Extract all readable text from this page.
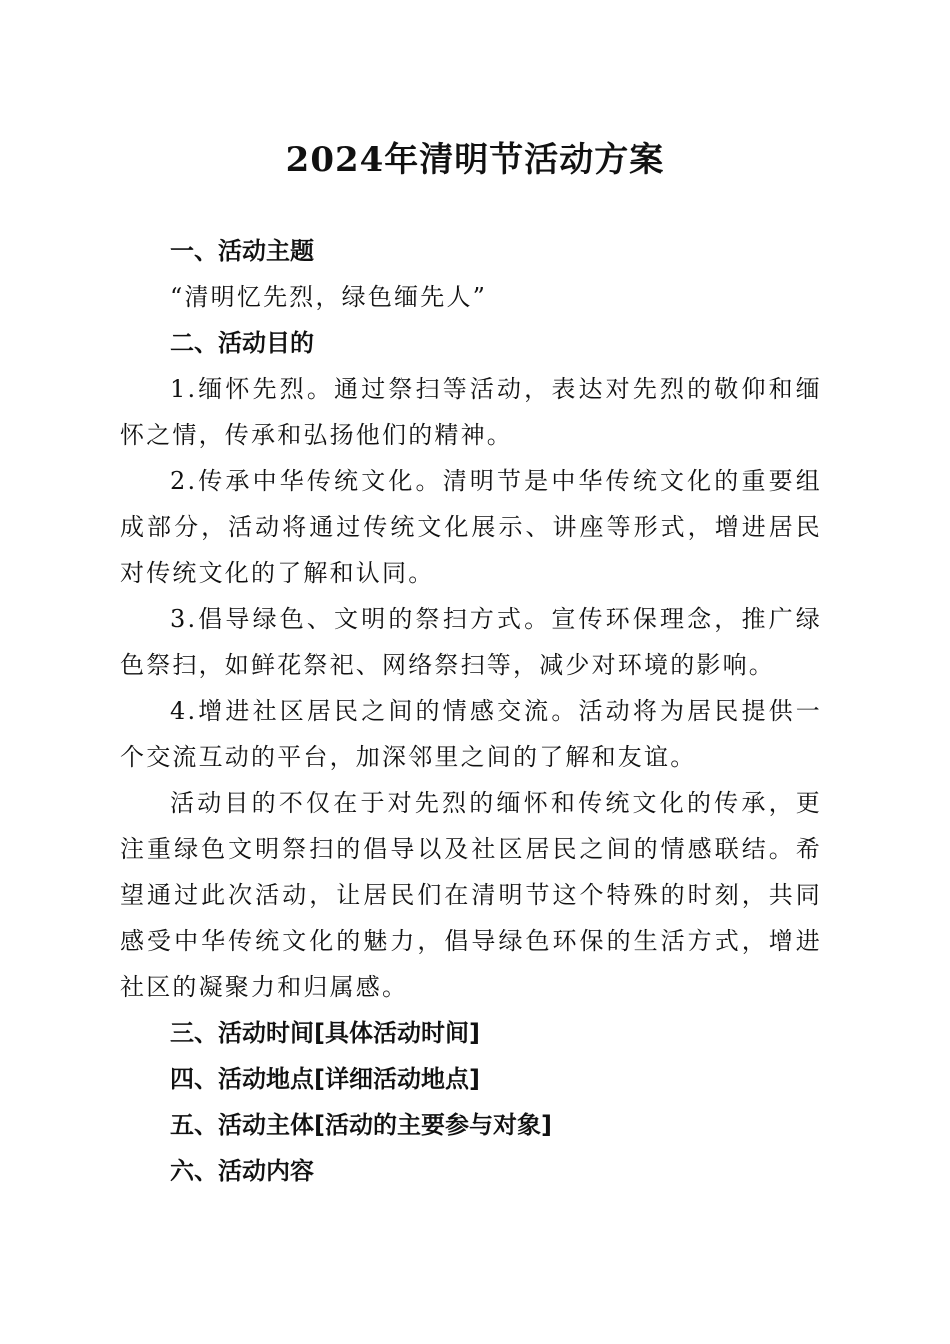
2024年清明节活动方案
一、活动主题

“清明忆先烈，绿色缅先人”

二、活动目的

1.缅怀先烈。通过祭扫等活动，表达对先烈的敬仰和缅怀之情，传承和弘扬他们的精神。

2.传承中华传统文化。清明节是中华传统文化的重要组成部分，活动将通过传统文化展示、讲座等形式，增进居民对传统文化的了解和认同。

3.倡导绿色、文明的祭扫方式。宣传环保理念，推广绿色祭扫，如鲜花祭祀、网络祭扫等，减少对环境的影响。

4.增进社区居民之间的情感交流。活动将为居民提供一个交流互动的平台，加深邻里之间的了解和友谊。

活动目的不仅在于对先烈的缅怀和传统文化的传承，更注重绿色文明祭扫的倡导以及社区居民之间的情感联结。希望通过此次活动，让居民们在清明节这个特殊的时刻，共同感受中华传统文化的魅力，倡导绿色环保的生活方式，增进社区的凝聚力和归属感。

三、活动时间[具体活动时间]
四、活动地点[详细活动地点]
五、活动主体[活动的主要参与对象]
六、活动内容
